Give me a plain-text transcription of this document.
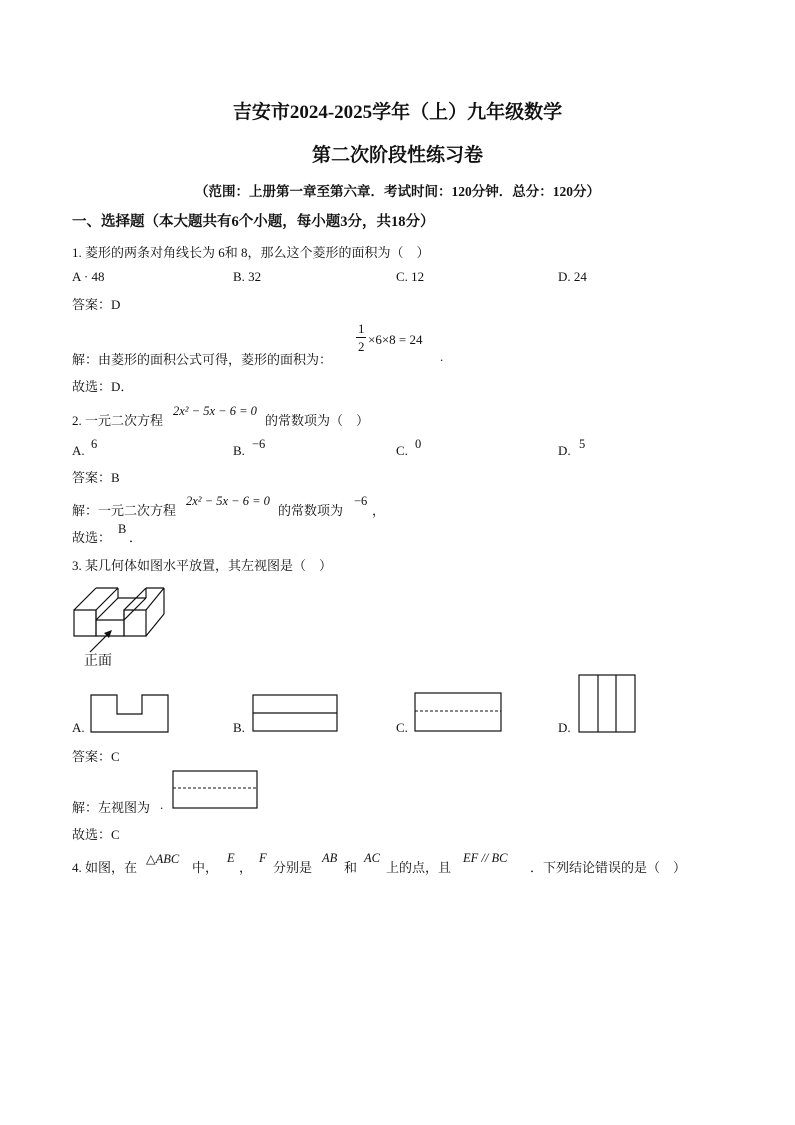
吉安市2024-2025学年（上）九年级数学
第二次阶段性练习卷
（范围：上册第一章至第六章．考试时间：120分钟．总分：120分）
一、选择题（本大题共有6个小题，每小题3分，共18分）
1. 菱形的两条对角线长为 6和 8，那么这个菱形的面积为（　）
A · 48	B. 32	C. 12	D. 24
答案：D
解：由菱形的面积公式可得，菱形的面积为：
1
2 ×6×8 = 24
.
故选：D．
2. 一元二次方程
2x² − 5x − 6 = 0
的常数项为（　）
A. 6	B. −6	C. 0	D. 5
答案：B
解：一元二次方程
2x² − 5x − 6 = 0
的常数项为
−6
，
故选：
B
．
3. 某几何体如图水平放置，其左视图是（　）
正面
A.	B.	C.	D.
答案：C
解：左视图为 .
故选：C
4. 如图，在
△ABC
中，
E
，
F
分别是
AB
和
AC
上的点，且
EF // BC
．下列结论错误的是（　）
